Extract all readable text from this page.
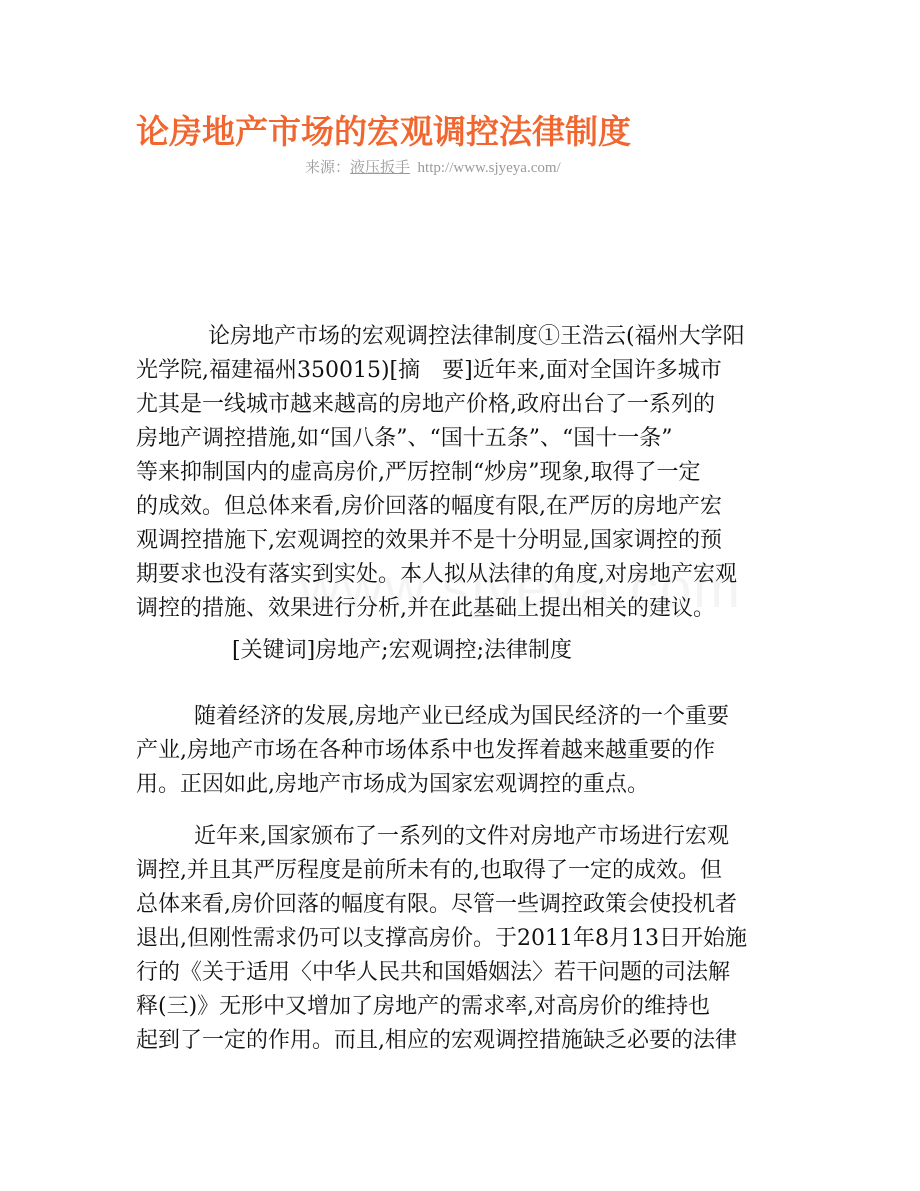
论房地产市场的宏观调控法律制度
来源：液压扳手 http://www.sjyeya.com/
论房地产市场的宏观调控法律制度①王浩云(福州大学阳
光学院,福建福州350015)[摘　要]近年来,面对全国许多城市
尤其是一线城市越来越高的房地产价格,政府出台了一系列的
房地产调控措施,如“国八条”、“国十五条”、“国十一条”
等来抑制国内的虚高房价,严厉控制“炒房”现象,取得了一定
的成效。但总体来看,房价回落的幅度有限,在严厉的房地产宏
观调控措施下,宏观调控的效果并不是十分明显,国家调控的预
期要求也没有落实到实处。本人拟从法律的角度,对房地产宏观
调控的措施、效果进行分析,并在此基础上提出相关的建议。
[关键词]房地产;宏观调控;法律制度
随着经济的发展,房地产业已经成为国民经济的一个重要
产业,房地产市场在各种市场体系中也发挥着越来越重要的作
用。正因如此,房地产市场成为国家宏观调控的重点。
近年来,国家颁布了一系列的文件对房地产市场进行宏观
调控,并且其严厉程度是前所未有的,也取得了一定的成效。但
总体来看,房价回落的幅度有限。尽管一些调控政策会使投机者
退出,但刚性需求仍可以支撑高房价。于2011年8月13日开始施
行的《关于适用〈中华人民共和国婚姻法〉若干问题的司法解
释(三)》无形中又增加了房地产的需求率,对高房价的维持也
起到了一定的作用。而且,相应的宏观调控措施缺乏必要的法律
